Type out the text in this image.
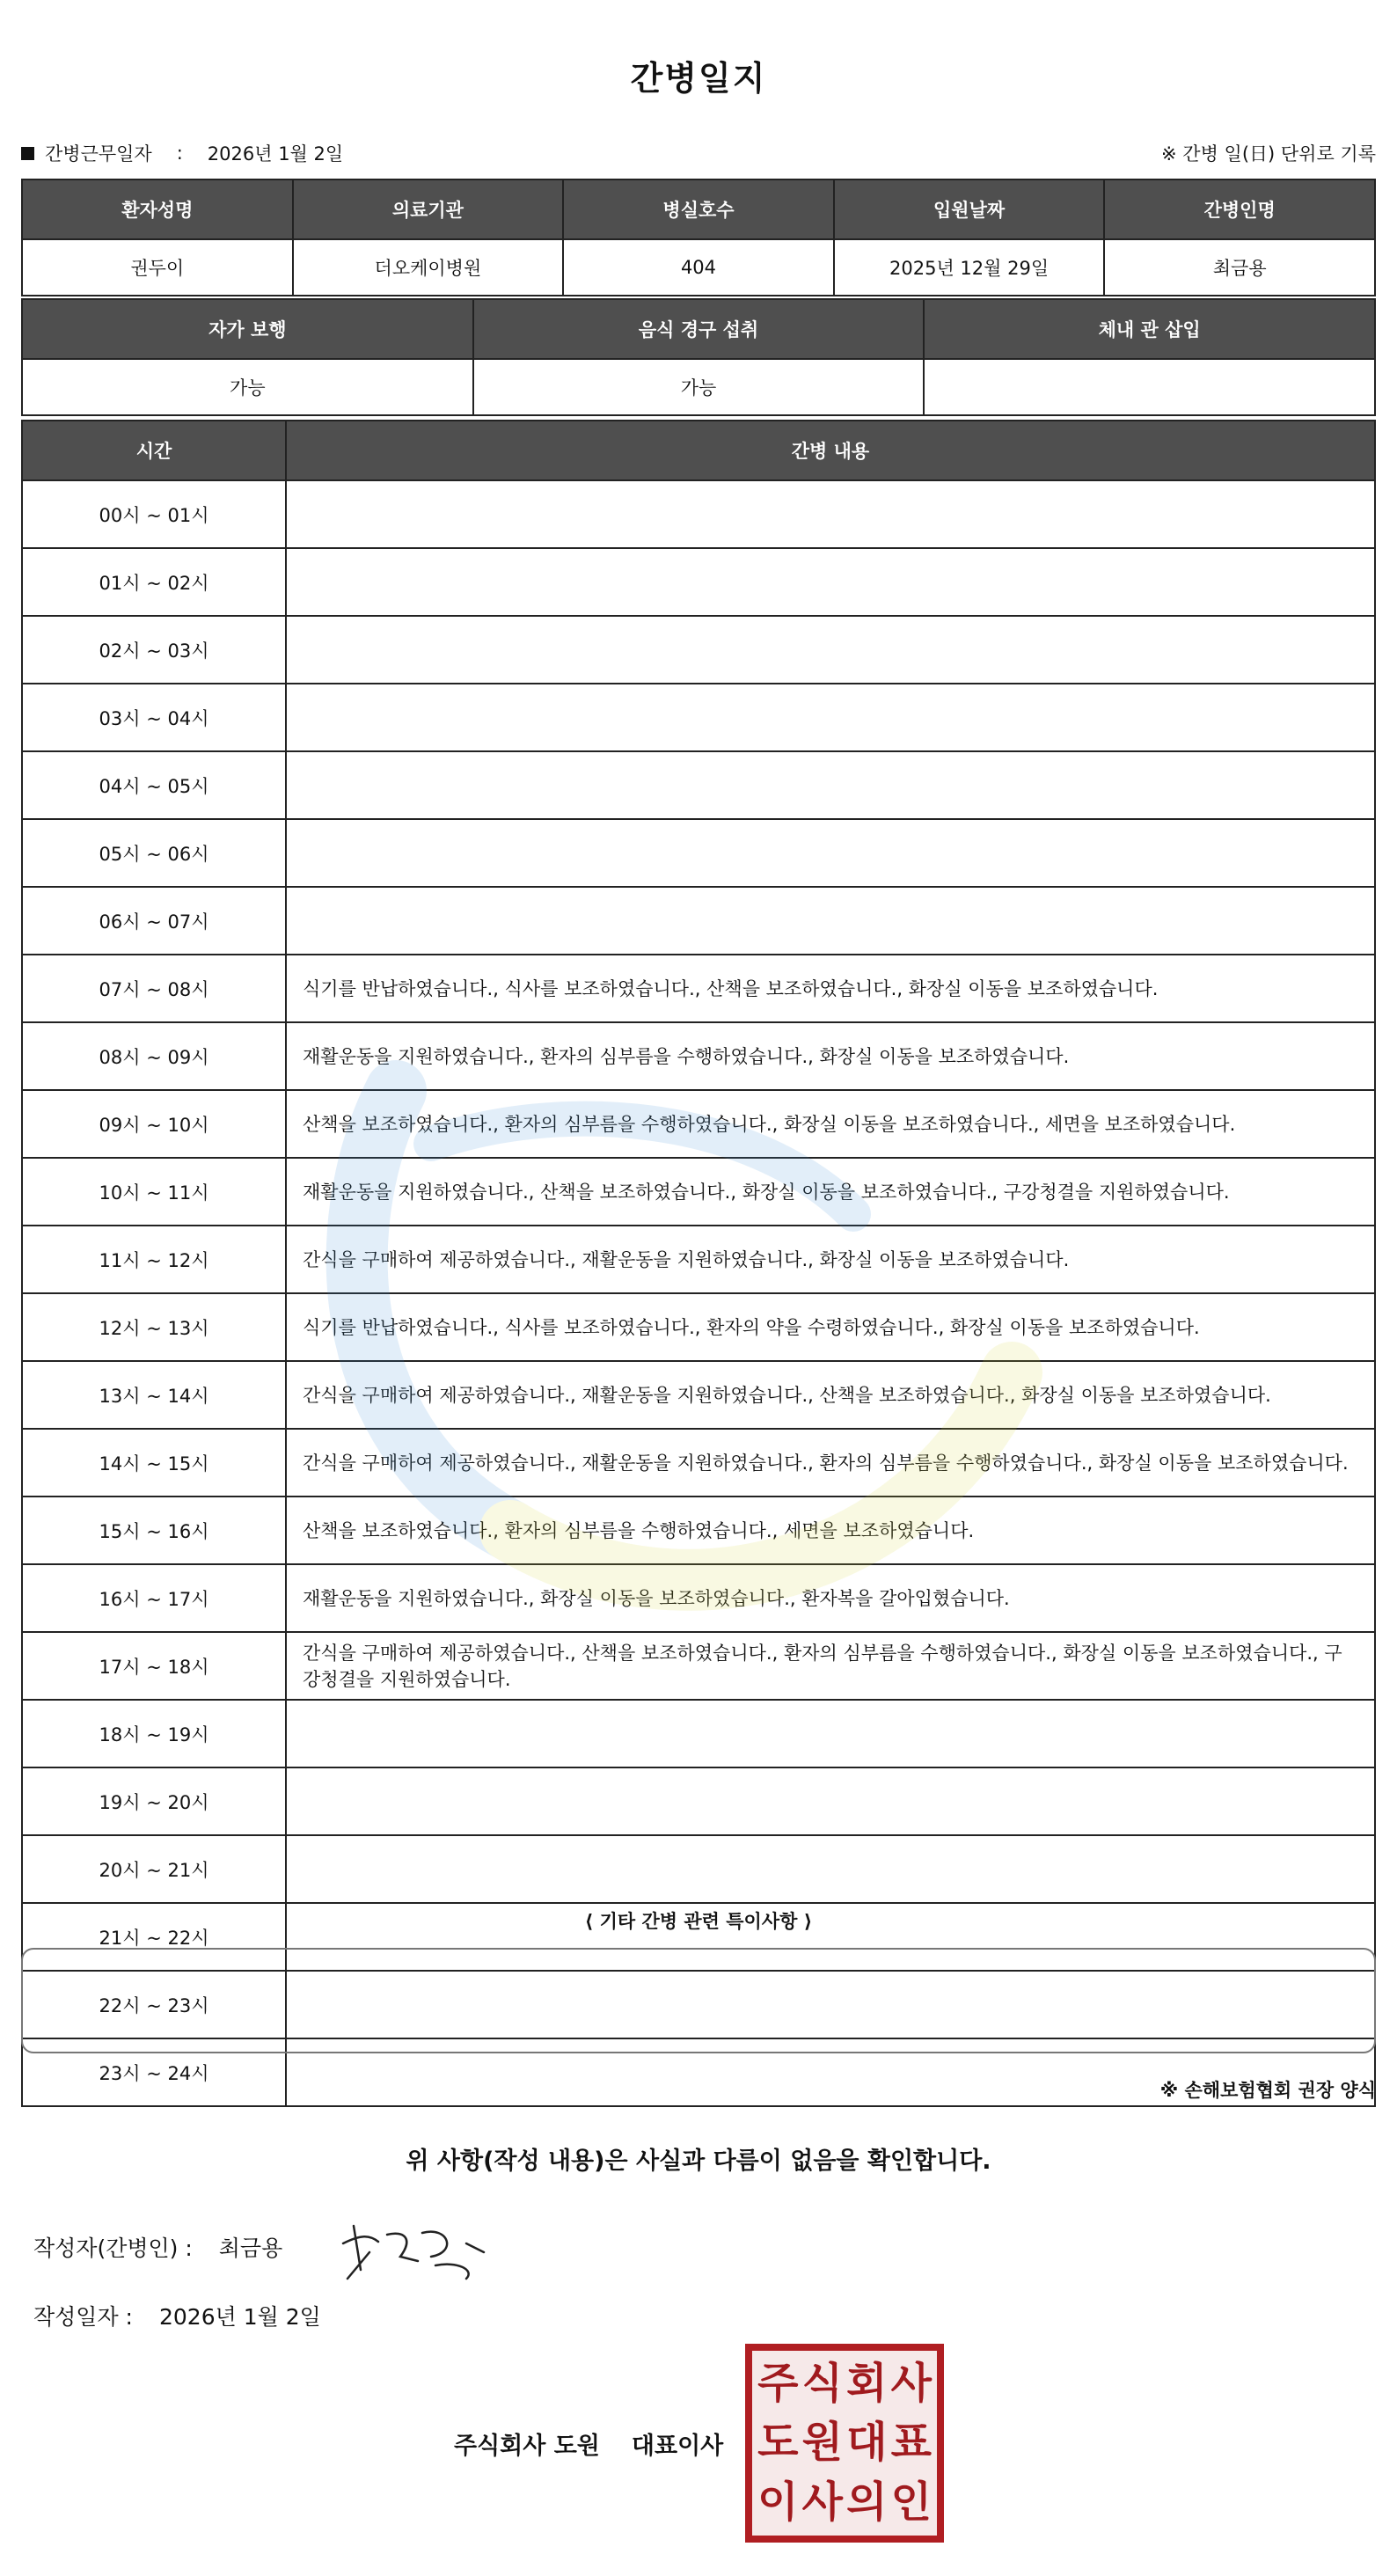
간병일지
간병근무일자 : 2026년 1월 2일	※ 간병 일(日) 단위로 기록
환자성명	의료기관	병실호수	입원날짜	간병인명
권두이	더오케이병원	404	2025년 12월 29일	최금용
자가 보행	음식 경구 섭취	체내 관 삽입
가능	가능	
시간	간병 내용
00시 ~ 01시	
01시 ~ 02시	
02시 ~ 03시	
03시 ~ 04시	
04시 ~ 05시	
05시 ~ 06시	
06시 ~ 07시	
07시 ~ 08시	식기를 반납하였습니다., 식사를 보조하였습니다., 산책을 보조하였습니다., 화장실 이동을 보조하였습니다.
08시 ~ 09시	재활운동을 지원하였습니다., 환자의 심부름을 수행하였습니다., 화장실 이동을 보조하였습니다.
09시 ~ 10시	산책을 보조하였습니다., 환자의 심부름을 수행하였습니다., 화장실 이동을 보조하였습니다., 세면을 보조하였습니다.
10시 ~ 11시	재활운동을 지원하였습니다., 산책을 보조하였습니다., 화장실 이동을 보조하였습니다., 구강청결을 지원하였습니다.
11시 ~ 12시	간식을 구매하여 제공하였습니다., 재활운동을 지원하였습니다., 화장실 이동을 보조하였습니다.
12시 ~ 13시	식기를 반납하였습니다., 식사를 보조하였습니다., 환자의 약을 수령하였습니다., 화장실 이동을 보조하였습니다.
13시 ~ 14시	간식을 구매하여 제공하였습니다., 재활운동을 지원하였습니다., 산책을 보조하였습니다., 화장실 이동을 보조하였습니다.
14시 ~ 15시	간식을 구매하여 제공하였습니다., 재활운동을 지원하였습니다., 환자의 심부름을 수행하였습니다., 화장실 이동을 보조하였습니다.
15시 ~ 16시	산책을 보조하였습니다., 환자의 심부름을 수행하였습니다., 세면을 보조하였습니다.
16시 ~ 17시	재활운동을 지원하였습니다., 화장실 이동을 보조하였습니다., 환자복을 갈아입혔습니다.
17시 ~ 18시	간식을 구매하여 제공하였습니다., 산책을 보조하였습니다., 환자의 심부름을 수행하였습니다., 화장실 이동을 보조하였습니다., 구강청결을 지원하였습니다.
18시 ~ 19시	
19시 ~ 20시	
20시 ~ 21시	
21시 ~ 22시	
22시 ~ 23시	
23시 ~ 24시	
⟨ 기타 간병 관련 특이사항 ⟩
※ 손해보험협회 권장 양식
위 사항(작성 내용)은 사실과 다름이 없음을 확인합니다.
작성자(간병인) : 최금용
작성일자 : 2026년 1월 2일
주식회사 도원 대표이사
주 식 회 사
도 원 대 표
이 사 의 인
